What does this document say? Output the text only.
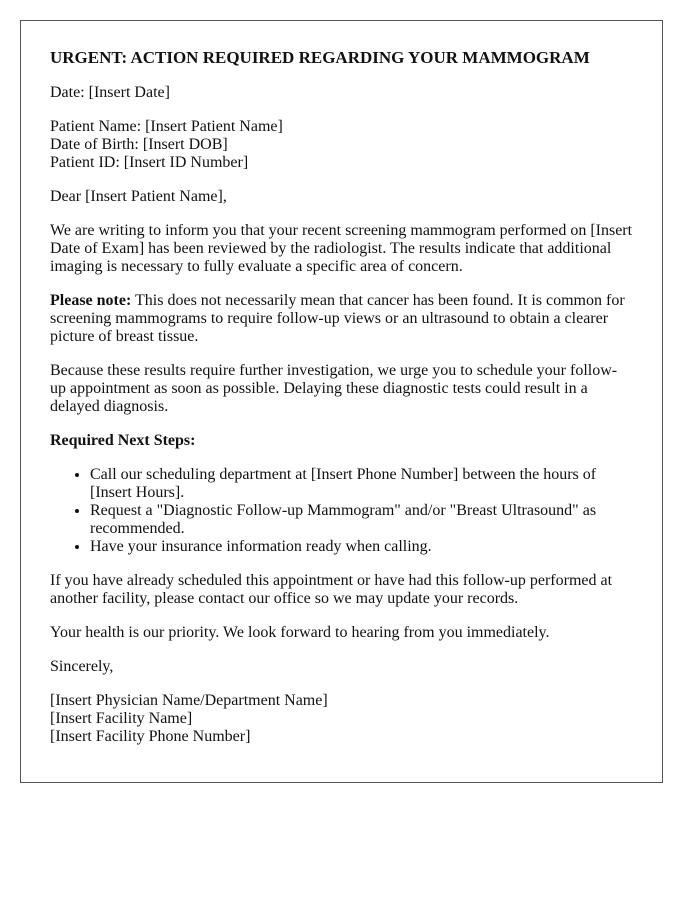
URGENT: ACTION REQUIRED REGARDING YOUR MAMMOGRAM

Date: [Insert Date]

Patient Name: [Insert Patient Name]
Date of Birth: [Insert DOB]
Patient ID: [Insert ID Number]

Dear [Insert Patient Name],

We are writing to inform you that your recent screening mammogram performed on [Insert Date of Exam] has been reviewed by the radiologist. The results indicate that additional imaging is necessary to fully evaluate a specific area of concern.

Please note: This does not necessarily mean that cancer has been found. It is common for screening mammograms to require follow-up views or an ultrasound to obtain a clearer picture of breast tissue.

Because these results require further investigation, we urge you to schedule your follow-up appointment as soon as possible. Delaying these diagnostic tests could result in a delayed diagnosis.

Required Next Steps:

• Call our scheduling department at [Insert Phone Number] between the hours of [Insert Hours].
• Request a "Diagnostic Follow-up Mammogram" and/or "Breast Ultrasound" as recommended.
• Have your insurance information ready when calling.

If you have already scheduled this appointment or have had this follow-up performed at another facility, please contact our office so we may update your records.

Your health is our priority. We look forward to hearing from you immediately.

Sincerely,

[Insert Physician Name/Department Name]
[Insert Facility Name]
[Insert Facility Phone Number]
